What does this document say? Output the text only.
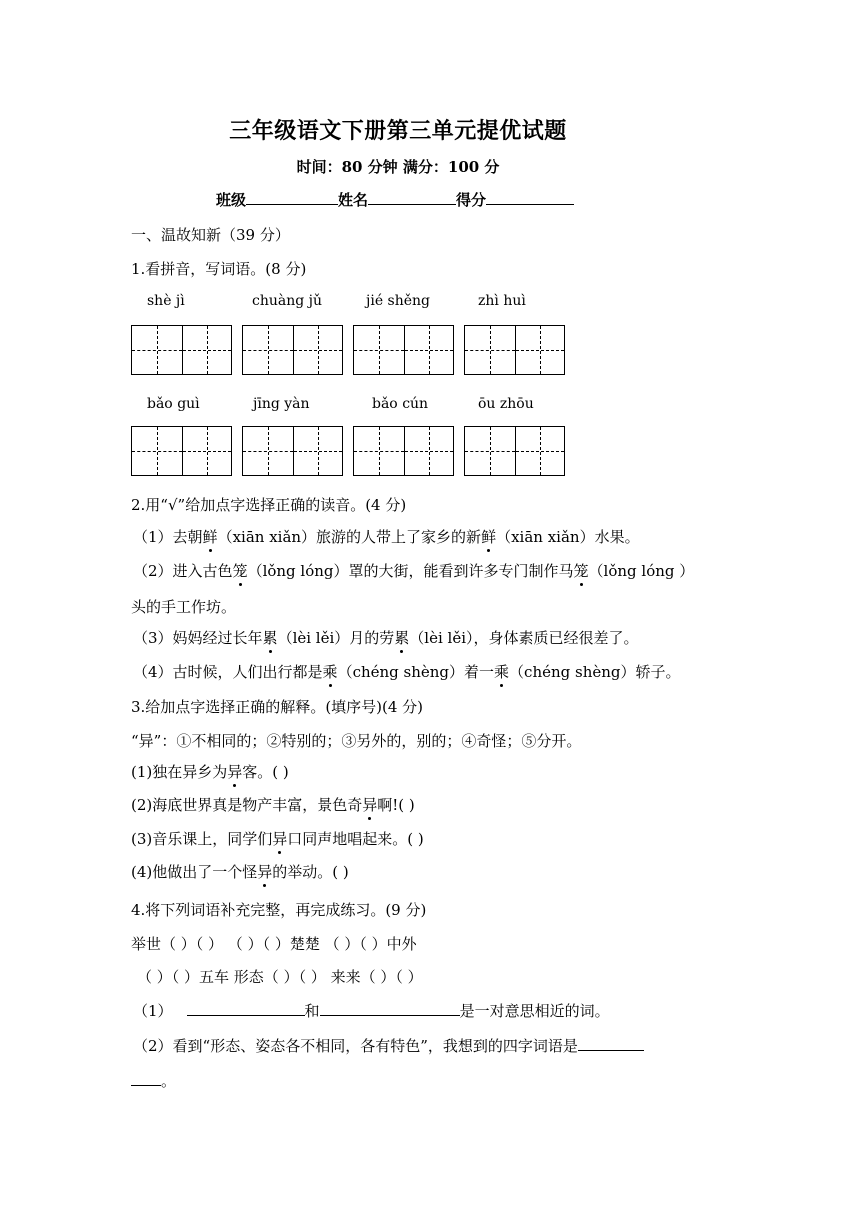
三年级语文下册第三单元提优试题
时间：80 分钟 满分：100 分
班级	姓名	得分
一、温故知新（39 分）
1.看拼音，写词语。(8 分)
shè jì	chuàng jǔ	jié shěng	zhì huì
bǎo guì	jīng yàn	bǎo cún	ōu zhōu
2.用“√”给加点字选择正确的读音。(4 分)
（1）去朝鲜（xiān xiǎn）旅游的人带上了家乡的新鲜（xiān xiǎn）水果。
（2）进入古色笼（lǒng lóng）罩的大街，能看到许多专门制作马笼（lǒng lóng ）
头的手工作坊。
（3）妈妈经过长年累（lèi lěi）月的劳累（lèi lěi），身体素质已经很差了。
（4）古时候，人们出行都是乘（chéng shèng）着一乘（chéng shèng）轿子。
3.给加点字选择正确的解释。(填序号)(4 分)
“异”：①不相同的；②特别的；③另外的，别的；④奇怪；⑤分开。
(1)独在异乡为异客。( )
(2)海底世界真是物产丰富，景色奇异啊!( )
(3)音乐课上，同学们异口同声地唱起来。( )
(4)他做出了一个怪异的举动。( )
4.将下列词语补充完整，再完成练习。(9 分)
举世（ ）（ ） （ ）（ ）楚楚 （ ）（ ）中外
（ ）（ ）五车 形态（ ）（ ） 来来（ ）（ ）
（1）	和	是一对意思相近的词。
（2）看到“形态、姿态各不相同，各有特色”，我想到的四字词语是
。
